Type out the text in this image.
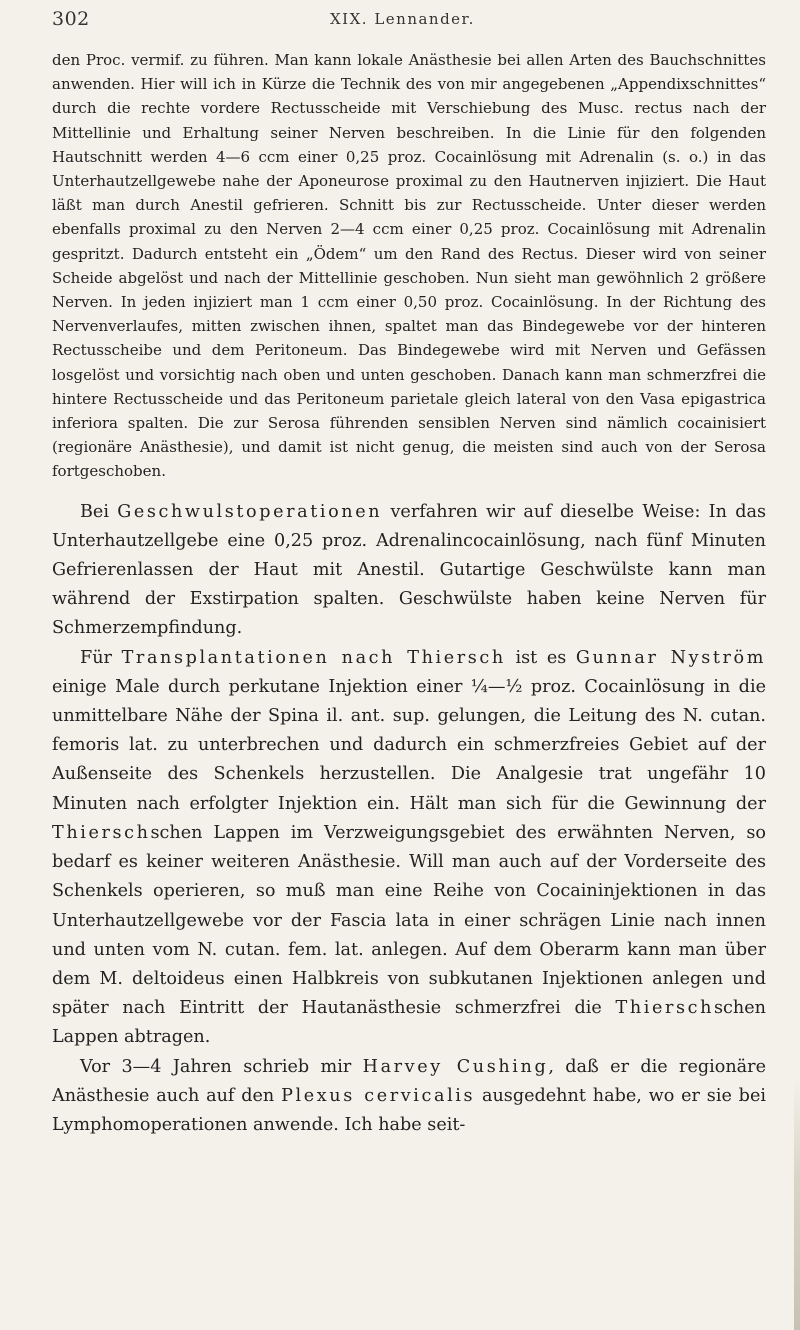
302	XIX. Lennander.

den Proc. vermif. zu führen. Man kann lokale Anästhesie bei allen Arten des Bauchschnittes anwenden. Hier will ich in Kürze die Technik des von mir angegebenen „Appendixschnittes“ durch die rechte vordere Rectusscheide mit Verschiebung des Musc. rectus nach der Mittellinie und Erhaltung seiner Nerven beschreiben. In die Linie für den folgenden Hautschnitt werden 4—6 ccm einer 0,25 proz. Cocainlösung mit Adrenalin (s. o.) in das Unterhautzellgewebe nahe der Aponeurose proximal zu den Hautnerven injiziert. Die Haut läßt man durch Anestil gefrieren. Schnitt bis zur Rectusscheide. Unter dieser werden ebenfalls proximal zu den Nerven 2—4 ccm einer 0,25 proz. Cocainlösung mit Adrenalin gespritzt. Dadurch entsteht ein „Ödem“ um den Rand des Rectus. Dieser wird von seiner Scheide abgelöst und nach der Mittellinie geschoben. Nun sieht man gewöhnlich 2 größere Nerven. In jeden injiziert man 1 ccm einer 0,50 proz. Cocainlösung. In der Richtung des Nervenverlaufes, mitten zwischen ihnen, spaltet man das Bindegewebe vor der hinteren Rectusscheibe und dem Peritoneum. Das Bindegewebe wird mit Nerven und Gefässen losgelöst und vorsichtig nach oben und unten geschoben. Danach kann man schmerzfrei die hintere Rectusscheide und das Peritoneum parietale gleich lateral von den Vasa epigastrica inferiora spalten. Die zur Serosa führenden sensiblen Nerven sind nämlich cocainisiert (regionäre Anästhesie), und damit ist nicht genug, die meisten sind auch von der Serosa fortgeschoben.

Bei Geschwulstoperationen verfahren wir auf dieselbe Weise: In das Unterhautzellgebe eine 0,25 proz. Adrenalincocainlösung, nach fünf Minuten Gefrierenlassen der Haut mit Anestil. Gutartige Geschwülste kann man während der Exstirpation spalten. Geschwülste haben keine Nerven für Schmerzempfindung.

Für Transplantationen nach Thiersch ist es Gunnar Nyström einige Male durch perkutane Injektion einer ¼—½ proz. Cocainlösung in die unmittelbare Nähe der Spina il. ant. sup. gelungen, die Leitung des N. cutan. femoris lat. zu unterbrechen und dadurch ein schmerzfreies Gebiet auf der Außenseite des Schenkels herzustellen. Die Analgesie trat ungefähr 10 Minuten nach erfolgter Injektion ein. Hält man sich für die Gewinnung der Thierschschen Lappen im Verzweigungsgebiet des erwähnten Nerven, so bedarf es keiner weiteren Anästhesie. Will man auch auf der Vorderseite des Schenkels operieren, so muß man eine Reihe von Cocaininjektionen in das Unterhautzellgewebe vor der Fascia lata in einer schrägen Linie nach innen und unten vom N. cutan. fem. lat. anlegen. Auf dem Oberarm kann man über dem M. deltoideus einen Halbkreis von subkutanen Injektionen anlegen und später nach Eintritt der Hautanästhesie schmerzfrei die Thierschschen Lappen abtragen.

Vor 3—4 Jahren schrieb mir Harvey Cushing, daß er die regionäre Anästhesie auch auf den Plexus cervicalis ausgedehnt habe, wo er sie bei Lymphomoperationen anwende. Ich habe seit-
